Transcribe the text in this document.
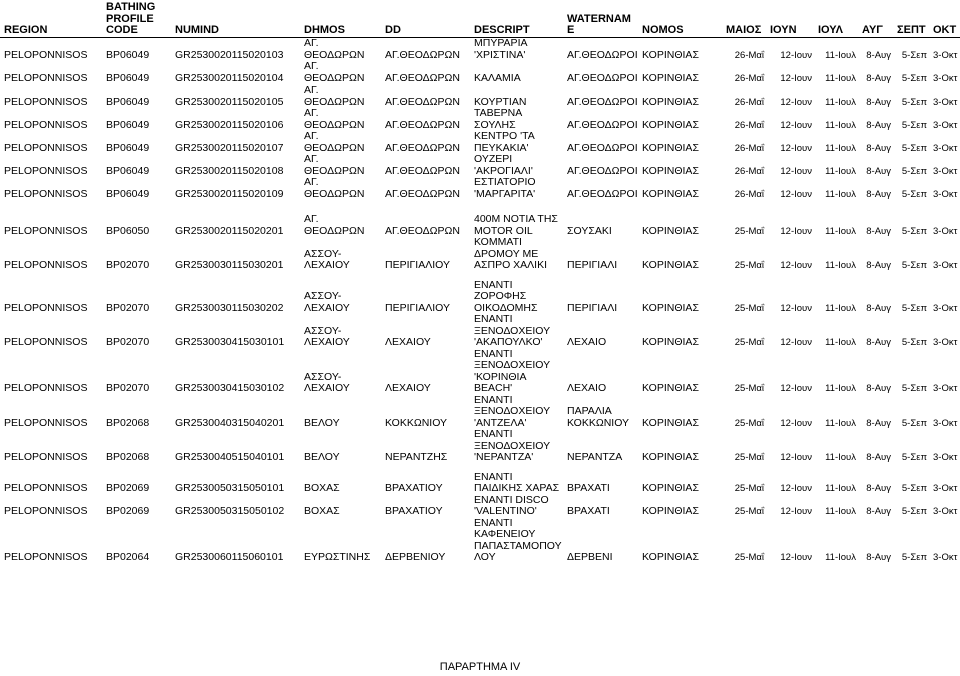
REGION	BATHING PROFILE CODE	NUMIND	DHMOS	DD	DESCRIPT	WATERNAME	NOMOS	ΜΑΙΟΣ	ΙΟΥΝ	ΙΟΥΛ	ΑΥΓ	ΣΕΠΤ	ΟΚΤ
PELOPONNISOS	BP06049	GR2530020115020103	ΑΓ. ΘΕΟΔΩΡΩΝ	ΑΓ.ΘΕΟΔΩΡΩΝ	ΜΠΥΡΑΡΙΑ 'ΧΡΙΣΤΙΝΑ'	ΑΓ.ΘΕΟΔΩΡΟΙ	ΚΟΡΙΝΘΙΑΣ	26-Μαΐ	12-Ιουν	11-Ιουλ	8-Αυγ	5-Σεπ	3-Οκτ
PELOPONNISOS	BP06049	GR2530020115020104	ΑΓ. ΘΕΟΔΩΡΩΝ	ΑΓ.ΘΕΟΔΩΡΩΝ	ΚΑΛΑΜΙΑ	ΑΓ.ΘΕΟΔΩΡΟΙ	ΚΟΡΙΝΘΙΑΣ	26-Μαΐ	12-Ιουν	11-Ιουλ	8-Αυγ	5-Σεπ	3-Οκτ
PELOPONNISOS	BP06049	GR2530020115020105	ΑΓ. ΘΕΟΔΩΡΩΝ	ΑΓ.ΘΕΟΔΩΡΩΝ	ΚΟΥΡΤΙΑΝ	ΑΓ.ΘΕΟΔΩΡΟΙ	ΚΟΡΙΝΘΙΑΣ	26-Μαΐ	12-Ιουν	11-Ιουλ	8-Αυγ	5-Σεπ	3-Οκτ
PELOPONNISOS	BP06049	GR2530020115020106	ΑΓ. ΘΕΟΔΩΡΩΝ	ΑΓ.ΘΕΟΔΩΡΩΝ	ΤΑΒΕΡΝΑ ΣΟΥΛΗΣ	ΑΓ.ΘΕΟΔΩΡΟΙ	ΚΟΡΙΝΘΙΑΣ	26-Μαΐ	12-Ιουν	11-Ιουλ	8-Αυγ	5-Σεπ	3-Οκτ
PELOPONNISOS	BP06049	GR2530020115020107	ΑΓ. ΘΕΟΔΩΡΩΝ	ΑΓ.ΘΕΟΔΩΡΩΝ	ΚΕΝΤΡΟ 'ΤΑ ΠΕΥΚΑΚΙΑ'	ΑΓ.ΘΕΟΔΩΡΟΙ	ΚΟΡΙΝΘΙΑΣ	26-Μαΐ	12-Ιουν	11-Ιουλ	8-Αυγ	5-Σεπ	3-Οκτ
PELOPONNISOS	BP06049	GR2530020115020108	ΑΓ. ΘΕΟΔΩΡΩΝ	ΑΓ.ΘΕΟΔΩΡΩΝ	ΟΥΖΕΡΙ 'ΑΚΡΟΓΙΑΛΙ'	ΑΓ.ΘΕΟΔΩΡΟΙ	ΚΟΡΙΝΘΙΑΣ	26-Μαΐ	12-Ιουν	11-Ιουλ	8-Αυγ	5-Σεπ	3-Οκτ
PELOPONNISOS	BP06049	GR2530020115020109	ΑΓ. ΘΕΟΔΩΡΩΝ	ΑΓ.ΘΕΟΔΩΡΩΝ	ΕΣΤΙΑΤΟΡΙΟ 'ΜΑΡΓΑΡΙΤΑ'	ΑΓ.ΘΕΟΔΩΡΟΙ	ΚΟΡΙΝΘΙΑΣ	26-Μαΐ	12-Ιουν	11-Ιουλ	8-Αυγ	5-Σεπ	3-Οκτ

PELOPONNISOS	BP06050	GR2530020115020201	ΑΓ. ΘΕΟΔΩΡΩΝ	ΑΓ.ΘΕΟΔΩΡΩΝ	400Μ ΝΟΤΙΑ ΤΗΣ MOTOR OIL	ΣΟΥΣΑΚΙ	ΚΟΡΙΝΘΙΑΣ	25-Μαΐ	12-Ιουν	11-Ιουλ	8-Αυγ	5-Σεπ	3-Οκτ
PELOPONNISOS	BP02070	GR2530030115030201	ΑΣΣΟΥ-ΛΕΧΑΙΟΥ	ΠΕΡΙΓΙΑΛΙΟΥ	ΚΟΜΜΑΤΙ ΔΡΟΜΟΥ ΜΕ ΑΣΠΡΟ ΧΑΛΙΚΙ	ΠΕΡΙΓΙΑΛΙ	ΚΟΡΙΝΘΙΑΣ	25-Μαΐ	12-Ιουν	11-Ιουλ	8-Αυγ	5-Σεπ	3-Οκτ

PELOPONNISOS	BP02070	GR2530030115030202	ΑΣΣΟΥ-ΛΕΧΑΙΟΥ	ΠΕΡΙΓΙΑΛΙΟΥ	ΕΝΑΝΤΙ ΖΟΡΟΦΗΣ ΟΙΚΟΔΟΜΗΣ	ΠΕΡΙΓΙΑΛΙ	ΚΟΡΙΝΘΙΑΣ	25-Μαΐ	12-Ιουν	11-Ιουλ	8-Αυγ	5-Σεπ	3-Οκτ
PELOPONNISOS	BP02070	GR2530030415030101	ΑΣΣΟΥ-ΛΕΧΑΙΟΥ	ΛΕΧΑΙΟΥ	ΕΝΑΝΤΙ ΞΕΝΟΔΟΧΕΙΟΥ 'ΑΚΑΠΟΥΛΚΟ'	ΛΕΧΑΙΟ	ΚΟΡΙΝΘΙΑΣ	25-Μαΐ	12-Ιουν	11-Ιουλ	8-Αυγ	5-Σεπ	3-Οκτ
PELOPONNISOS	BP02070	GR2530030415030102	ΑΣΣΟΥ-ΛΕΧΑΙΟΥ	ΛΕΧΑΙΟΥ	ΕΝΑΝΤΙ ΞΕΝΟΔΟΧΕΙΟΥ 'ΚΟΡΙΝΘΙΑ BEACH'	ΛΕΧΑΙΟ	ΚΟΡΙΝΘΙΑΣ	25-Μαΐ	12-Ιουν	11-Ιουλ	8-Αυγ	5-Σεπ	3-Οκτ
PELOPONNISOS	BP02068	GR2530040315040201	ΒΕΛΟΥ	ΚΟΚΚΩΝΙΟΥ	ΕΝΑΝΤΙ ΞΕΝΟΔΟΧΕΙΟΥ 'ΑΝΤΖΕΛΑ'	ΠΑΡΑΛΙΑ ΚΟΚΚΩΝΙΟΥ	ΚΟΡΙΝΘΙΑΣ	25-Μαΐ	12-Ιουν	11-Ιουλ	8-Αυγ	5-Σεπ	3-Οκτ
PELOPONNISOS	BP02068	GR2530040515040101	ΒΕΛΟΥ	ΝΕΡΑΝΤΖΗΣ	ΕΝΑΝΤΙ ΞΕΝΟΔΟΧΕΙΟΥ 'ΝΕΡΑΝΤΖΑ'	ΝΕΡΑΝΤΖΑ	ΚΟΡΙΝΘΙΑΣ	25-Μαΐ	12-Ιουν	11-Ιουλ	8-Αυγ	5-Σεπ	3-Οκτ

PELOPONNISOS	BP02069	GR2530050315050101	ΒΟΧΑΣ	ΒΡΑΧΑΤΙΟΥ	ΕΝΑΝΤΙ ΠΑΙΔΙΚΗΣ ΧΑΡΑΣ	ΒΡΑΧΑΤΙ	ΚΟΡΙΝΘΙΑΣ	25-Μαΐ	12-Ιουν	11-Ιουλ	8-Αυγ	5-Σεπ	3-Οκτ
PELOPONNISOS	BP02069	GR2530050315050102	ΒΟΧΑΣ	ΒΡΑΧΑΤΙΟΥ	ΕΝΑΝΤΙ DISCO 'VALENTINO'	ΒΡΑΧΑΤΙ	ΚΟΡΙΝΘΙΑΣ	25-Μαΐ	12-Ιουν	11-Ιουλ	8-Αυγ	5-Σεπ	3-Οκτ
PELOPONNISOS	BP02064	GR2530060115060101	ΕΥΡΩΣΤΙΝΗΣ	ΔΕΡΒΕΝΙΟΥ	ΕΝΑΝΤΙ ΚΑΦΕΝΕΙΟΥ ΠΑΠΑΣΤΑΜΟΠΟΥ ΛΟΥ	ΔΕΡΒΕΝΙ	ΚΟΡΙΝΘΙΑΣ	25-Μαΐ	12-Ιουν	11-Ιουλ	8-Αυγ	5-Σεπ	3-Οκτ
ΠΑΡΑΡΤΗΜΑ IV
